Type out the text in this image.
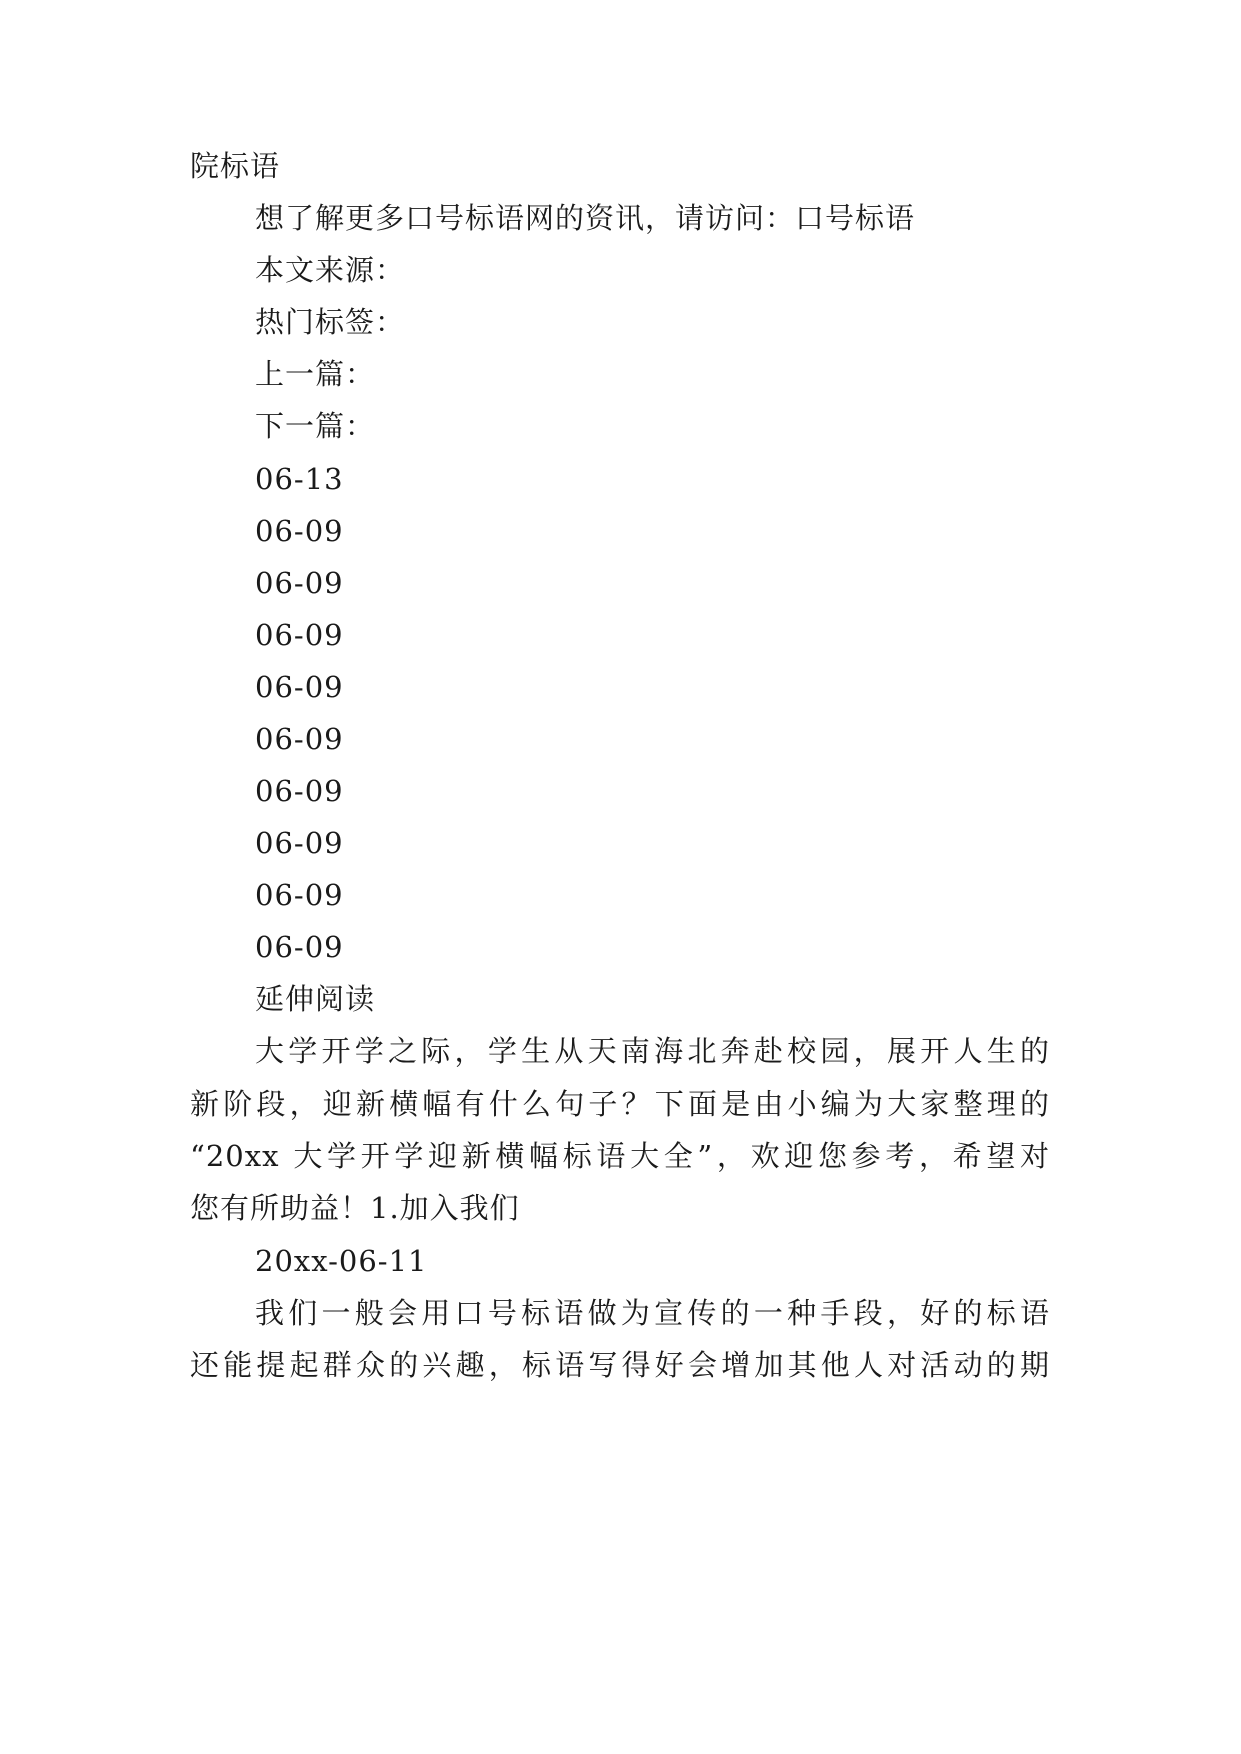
院标语
想了解更多口号标语网的资讯，请访问：口号标语
本文来源：
热门标签：
上一篇：
下一篇：
06-13
06-09
06-09
06-09
06-09
06-09
06-09
06-09
06-09
06-09
延伸阅读
大学开学之际，学生从天南海北奔赴校园，展开人生的
新阶段，迎新横幅有什么句子？下面是由小编为大家整理的
“20xx 大学开学迎新横幅标语大全”，欢迎您参考，希望对
您有所助益！1.加入我们
20xx-06-11
我们一般会用口号标语做为宣传的一种手段，好的标语
还能提起群众的兴趣，标语写得好会增加其他人对活动的期
